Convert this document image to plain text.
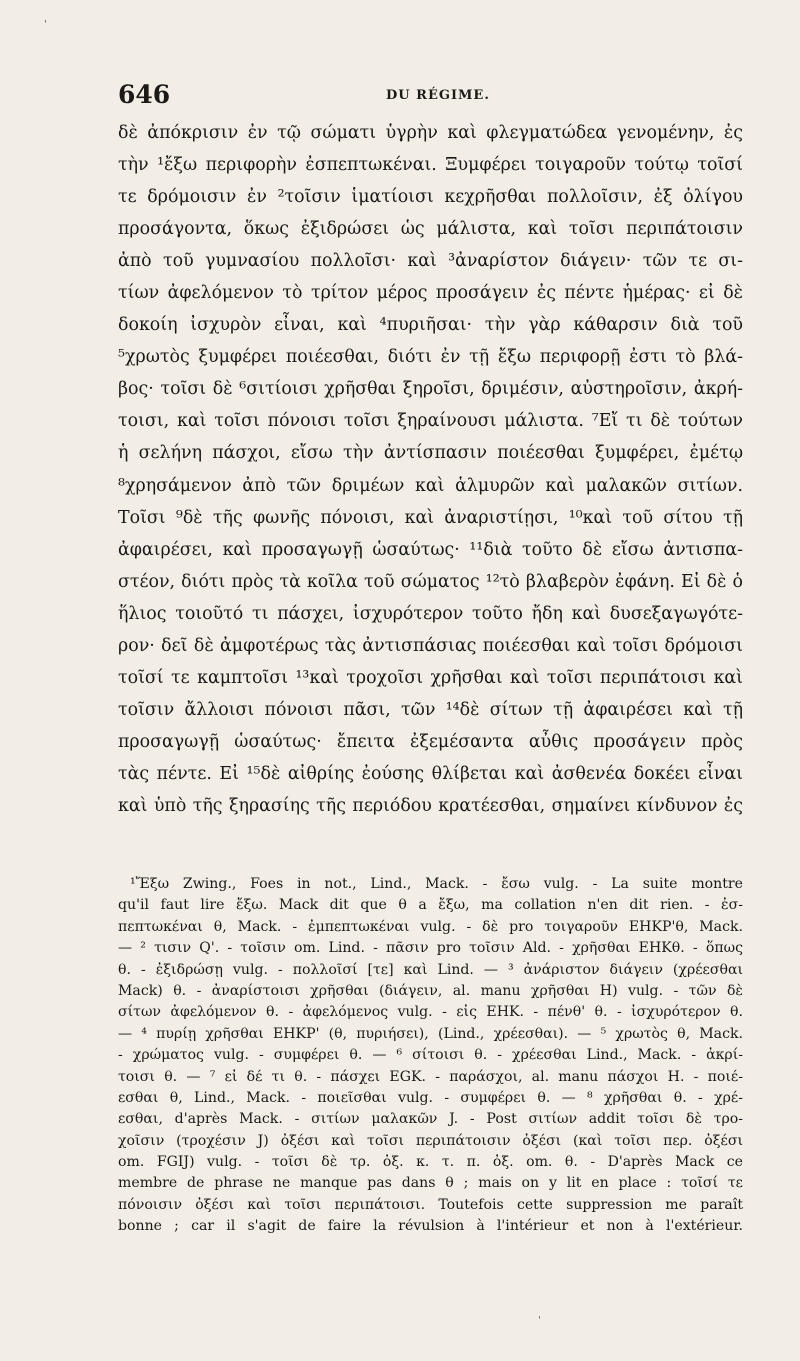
ˈ
646	DU RÉGIME.
δὲ ἀπόκρισιν ἐν τῷ σώματι ὑγρὴν καὶ φλεγματώδεα γενομένην, ἐς
τὴν ¹ἔξω περιφορὴν ἐσπεπτωκέναι. Ξυμφέρει τοιγαροῦν τούτῳ τοῖσί
τε δρόμοισιν ἐν ²τοῖσιν ἱματίοισι κεχρῆσθαι πολλοῖσιν, ἐξ ὀλίγου
προσάγοντα, ὅκως ἐξιδρώσει ὡς μάλιστα, καὶ τοῖσι περιπάτοισιν
ἀπὸ τοῦ γυμνασίου πολλοῖσι· καὶ ³ἀναρίστον διάγειν· τῶν τε σι-
τίων ἀφελόμενον τὸ τρίτον μέρος προσάγειν ἐς πέντε ἡμέρας· εἰ δὲ
δοκοίη ἰσχυρὸν εἶναι, καὶ ⁴πυριῆσαι· τὴν γὰρ κάθαρσιν διὰ τοῦ
⁵χρωτὸς ξυμφέρει ποιέεσθαι, διότι ἐν τῇ ἔξω περιφορῇ ἐστι τὸ βλά-
βος· τοῖσι δὲ ⁶σιτίοισι χρῆσθαι ξηροῖσι, δριμέσιν, αὐστηροῖσιν, ἀκρή-
τοισι, καὶ τοῖσι πόνοισι τοῖσι ξηραίνουσι μάλιστα. ⁷Εἴ τι δὲ τούτων
ἡ σελήνη πάσχοι, εἴσω τὴν ἀντίσπασιν ποιέεσθαι ξυμφέρει, ἐμέτῳ
⁸χρησάμενον ἀπὸ τῶν δριμέων καὶ ἁλμυρῶν καὶ μαλακῶν σιτίων.
Τοῖσι ⁹δὲ τῆς φωνῆς πόνοισι, καὶ ἀναριστίῃσι, ¹⁰καὶ τοῦ σίτου τῇ
ἀφαιρέσει, καὶ προσαγωγῇ ὡσαύτως· ¹¹διὰ τοῦτο δὲ εἴσω ἀντισπα-
στέον, διότι πρὸς τὰ κοῖλα τοῦ σώματος ¹²τὸ βλαβερὸν ἐφάνη. Εἰ δὲ ὁ
ἥλιος τοιοῦτό τι πάσχει, ἰσχυρότερον τοῦτο ἤδη καὶ δυσεξαγωγότε-
ρον· δεῖ δὲ ἀμφοτέρως τὰς ἀντισπάσιας ποιέεσθαι καὶ τοῖσι δρόμοισι
τοῖσί τε καμπτοῖσι ¹³καὶ τροχοῖσι χρῆσθαι καὶ τοῖσι περιπάτοισι καὶ
τοῖσιν ἄλλοισι πόνοισι πᾶσι, τῶν ¹⁴δὲ σίτων τῇ ἀφαιρέσει καὶ τῇ
προσαγωγῇ ὡσαύτως· ἔπειτα ἐξεμέσαντα αὖθις προσάγειν πρὸς
τὰς πέντε. Εἰ ¹⁵δὲ αἰθρίης ἐούσης θλίβεται καὶ ἀσθενέα δοκέει εἶναι
καὶ ὑπὸ τῆς ξηρασίης τῆς περιόδου κρατέεσθαι, σημαίνει κίνδυνον ἐς
¹Ἔξω Zwing., Foes in not., Lind., Mack. - ἔσω vulg. - La suite montre
qu'il faut lire ἔξω. Mack dit que θ a ἔξω, ma collation n'en dit rien. - ἐσ-
πεπτωκέναι θ, Mack. - ἐμπεπτωκέναι vulg. - δὲ pro τοιγαροῦν EHKP'θ, Mack.
— ² τισιν Q'. - τοῖσιν om. Lind. - πᾶσιν pro τοῖσιν Ald. - χρῆσθαι EHKθ. - ὅπως
θ. - ἐξιδρώσῃ vulg. - πολλοῖσί [τε] καὶ Lind. — ³ ἀνάριστον διάγειν (χρέεσθαι
Mack) θ. - ἀναρίστοισι χρῆσθαι (διάγειν, al. manu χρῆσθαι H) vulg. - τῶν δὲ
σίτων ἀφελόμενον θ. - ἀφελόμενος vulg. - εἰς EHK. - πένθ' θ. - ἰσχυρότερον θ.
— ⁴ πυρίῃ χρῆσθαι EHKP' (θ, πυριήσει), (Lind., χρέεσθαι). — ⁵ χρωτὸς θ, Mack.
- χρώματος vulg. - συμφέρει θ. — ⁶ σίτοισι θ. - χρέεσθαι Lind., Mack. - ἀκρί-
τοισι θ. — ⁷ εἰ δέ τι θ. - πάσχει EGK. - παράσχοι, al. manu πάσχοι H. - ποιέ-
εσθαι θ, Lind., Mack. - ποιεῖσθαι vulg. - συμφέρει θ. — ⁸ χρῆσθαι θ. - χρέ-
εσθαι, d'après Mack. - σιτίων μαλακῶν J. - Post σιτίων addit τοῖσι δὲ τρο-
χοῖσιν (τροχέσιν J) ὀξέσι καὶ τοῖσι περιπάτοισιν ὀξέσι (καὶ τοῖσι περ. ὀξέσι
om. FGIJ) vulg. - τοῖσι δὲ τρ. ὀξ. κ. τ. π. ὀξ. om. θ. - D'après Mack ce
membre de phrase ne manque pas dans θ ; mais on y lit en place : τοῖσί τε
πόνοισιν ὀξέσι καὶ τοῖσι περιπάτοισι. Toutefois cette suppression me paraît
bonne ; car il s'agit de faire la révulsion à l'intérieur et non à l'extérieur.
ˈ
